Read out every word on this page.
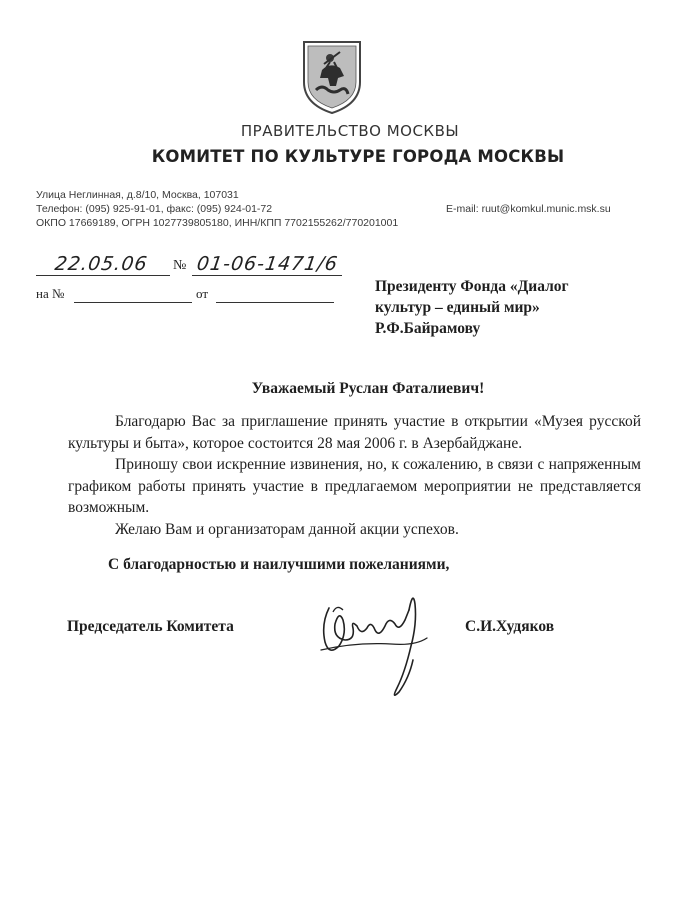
ПРАВИТЕЛЬСТВО МОСКВЫ
КОМИТЕТ ПО КУЛЬТУРЕ ГОРОДА МОСКВЫ
Улица Неглинная, д.8/10, Москва, 107031
Телефон: (095) 925-91-01, факс: (095) 924-01-72
ОКПО 17669189, ОГРН 1027739805180, ИНН/КПП 7702155262/770201001
E-mail: ruut@komkul.munic.msk.su
22.05.06 № 01-06-1471/6
на №	от	Президенту Фонда «Диалог
культур – единый мир»
Р.Ф.Байрамову
Уважаемый Руслан Фаталиевич!

Благодарю Вас за приглашение принять участие в открытии «Музея русской культуры и быта», которое состоится 28 мая 2006 г. в Азербайджане.

Приношу свои искренние извинения, но, к сожалению, в связи с напряженным графиком работы принять участие в предлагаемом мероприятии не представляется возможным.

Желаю Вам и организаторам данной акции успехов.

С благодарностью и наилучшими пожеланиями,
Председатель Комитета	С.И.Худяков
